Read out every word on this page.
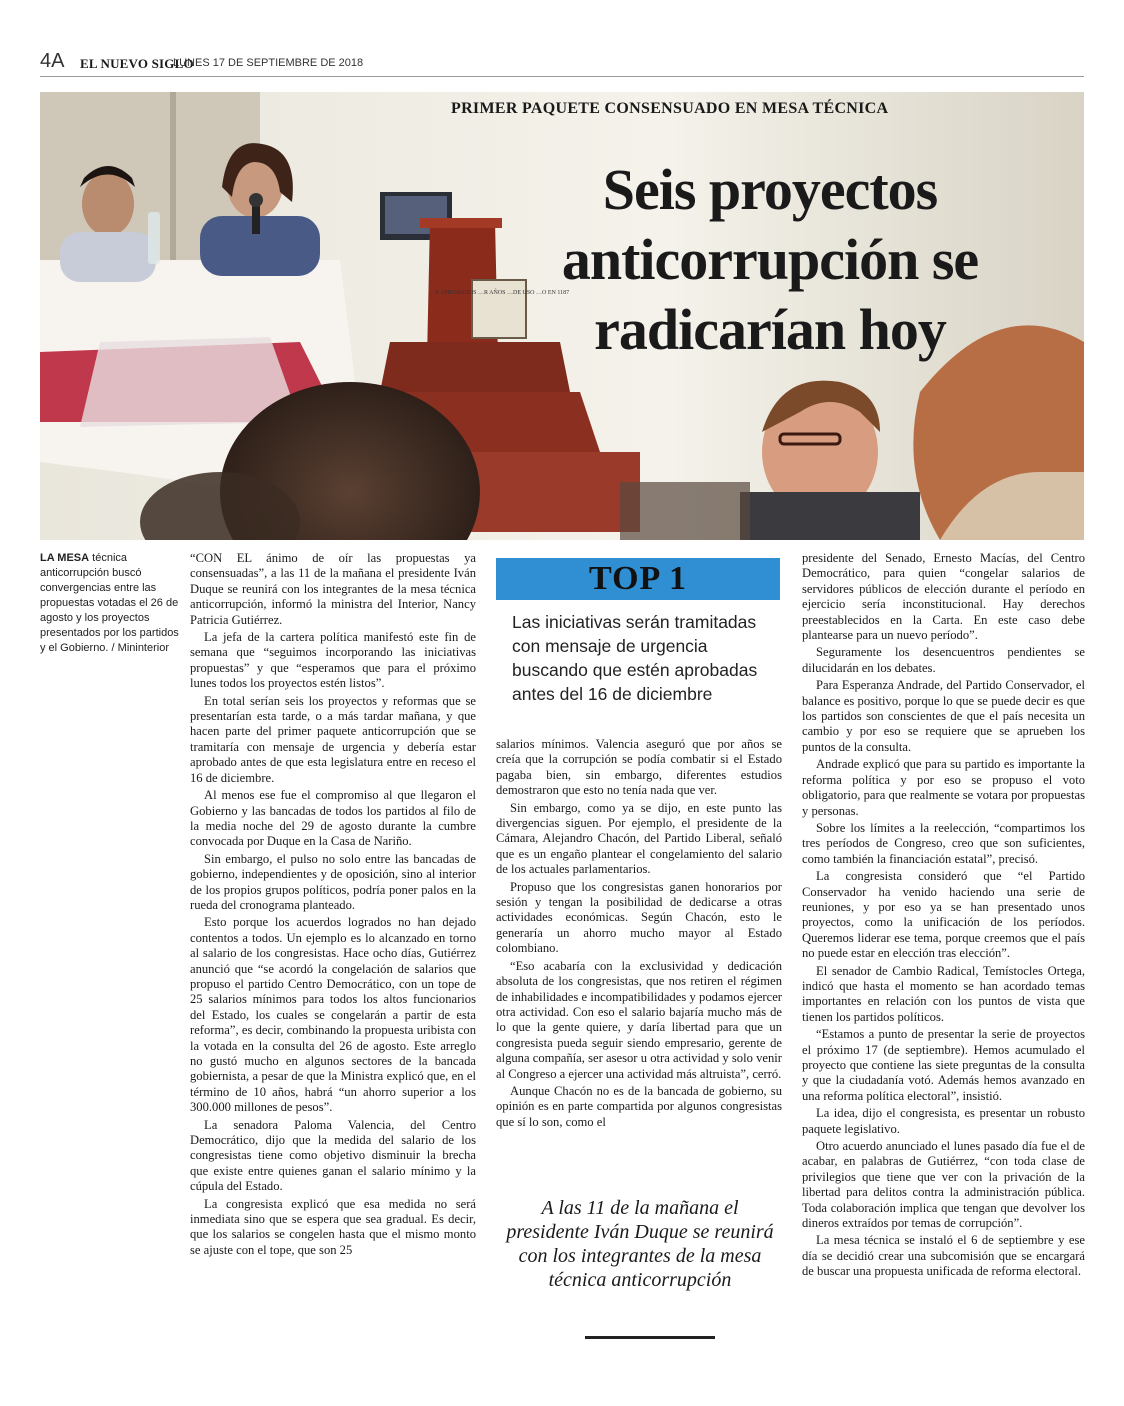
4A EL NUEVO SIGLO
LUNES 17 DE SEPTIEMBRE DE 2018
…Y APROBADOS …R AÑOS …DE USO …O EN 1187
PRIMER PAQUETE CONSENSUADO EN MESA TÉCNICA
Seis proyectos
anticorrupción se
radicarían hoy
LA MESA técnica anticorrupción buscó convergencias entre las propuestas votadas el 26 de agosto y los proyectos presentados por los partidos y el Gobierno. / Mininterior

“CON EL ánimo de oír las propuestas ya consensuadas”, a las 11 de la mañana el presidente Iván Duque se reunirá con los integrantes de la mesa técnica anticorrupción, informó la ministra del Interior, Nancy Patricia Gutiérrez.

La jefa de la cartera política manifestó este fin de semana que “seguimos incorporando las iniciativas propuestas” y que “esperamos que para el próximo lunes todos los proyectos estén listos”.

En total serían seis los proyectos y reformas que se presentarían esta tarde, o a más tardar mañana, y que hacen parte del primer paquete anticorrupción que se tramitaría con mensaje de urgencia y debería estar aprobado antes de que esta legislatura entre en receso el 16 de diciembre.

Al menos ese fue el compromiso al que llegaron el Gobierno y las bancadas de todos los partidos al filo de la media noche del 29 de agosto durante la cumbre convocada por Duque en la Casa de Nariño.

Sin embargo, el pulso no solo entre las bancadas de gobierno, independientes y de oposición, sino al interior de los propios grupos políticos, podría poner palos en la rueda del cronograma planteado.

Esto porque los acuerdos logrados no han dejado contentos a todos. Un ejemplo es lo alcanzado en torno al salario de los congresistas. Hace ocho días, Gutiérrez anunció que “se acordó la congelación de salarios que propuso el partido Centro Democrático, con un tope de 25 salarios mínimos para todos los altos funcionarios del Estado, los cuales se congelarán a partir de esta reforma”, es decir, combinando la propuesta uribista con la votada en la consulta del 26 de agosto. Este arreglo no gustó mucho en algunos sectores de la bancada gobiernista, a pesar de que la Ministra explicó que, en el término de 10 años, habrá “un ahorro superior a los 300.000 millones de pesos”.

La senadora Paloma Valencia, del Centro Democrático, dijo que la medida del salario de los congresistas tiene como objetivo disminuir la brecha que existe entre quienes ganan el salario mínimo y la cúpula del Estado.

La congresista explicó que esa medida no será inmediata sino que se espera que sea gradual. Es decir, que los salarios se congelen hasta que el mismo monto se ajuste con el tope, que son 25

TOP 1
Las iniciativas serán tramitadas con mensaje de urgencia buscando que estén aprobadas antes del 16 de diciembre

salarios mínimos. Valencia aseguró que por años se creía que la corrupción se podía combatir si el Estado pagaba bien, sin embargo, diferentes estudios demostraron que esto no tenía nada que ver.

Sin embargo, como ya se dijo, en este punto las divergencias siguen. Por ejemplo, el presidente de la Cámara, Alejandro Chacón, del Partido Liberal, señaló que es un engaño plantear el congelamiento del salario de los actuales parlamentarios.

Propuso que los congresistas ganen honorarios por sesión y tengan la posibilidad de dedicarse a otras actividades económicas. Según Chacón, esto le generaría un ahorro mucho mayor al Estado colombiano.

“Eso acabaría con la exclusividad y dedicación absoluta de los congresistas, que nos retiren el régimen de inhabilidades e incompatibilidades y podamos ejercer otra actividad. Con eso el salario bajaría mucho más de lo que la gente quiere, y daría libertad para que un congresista pueda seguir siendo empresario, gerente de alguna compañía, ser asesor u otra actividad y solo venir al Congreso a ejercer una actividad más altruista”, cerró.

Aunque Chacón no es de la bancada de gobierno, su opinión es en parte compartida por algunos congresistas que sí lo son, como el

A las 11 de la mañana el presidente Iván Duque se reunirá con los integrantes de la mesa técnica anticorrupción

presidente del Senado, Ernesto Macías, del Centro Democrático, para quien “congelar salarios de servidores públicos de elección durante el período en ejercicio sería inconstitucional. Hay derechos preestablecidos en la Carta. En este caso debe plantearse para un nuevo período”.

Seguramente los desencuentros pendientes se dilucidarán en los debates.

Para Esperanza Andrade, del Partido Conservador, el balance es positivo, porque lo que se puede decir es que los partidos son conscientes de que el país necesita un cambio y por eso se requiere que se aprueben los puntos de la consulta.

Andrade explicó que para su partido es importante la reforma política y por eso se propuso el voto obligatorio, para que realmente se votara por propuestas y personas.

Sobre los límites a la reelección, “compartimos los tres períodos de Congreso, creo que son suficientes, como también la financiación estatal”, precisó.

La congresista consideró que “el Partido Conservador ha venido haciendo una serie de reuniones, y por eso ya se han presentado unos proyectos, como la unificación de los períodos. Queremos liderar ese tema, porque creemos que el país no puede estar en elección tras elección”.

El senador de Cambio Radical, Temístocles Ortega, indicó que hasta el momento se han acordado temas importantes en relación con los puntos de vista que tienen los partidos políticos.

“Estamos a punto de presentar la serie de proyectos el próximo 17 (de septiembre). Hemos acumulado el proyecto que contiene las siete preguntas de la consulta y que la ciudadanía votó. Además hemos avanzado en una reforma política electoral”, insistió.

La idea, dijo el congresista, es presentar un robusto paquete legislativo.

Otro acuerdo anunciado el lunes pasado día fue el de acabar, en palabras de Gutiérrez, “con toda clase de privilegios que tiene que ver con la privación de la libertad para delitos contra la administración pública. Toda colaboración implica que tengan que devolver los dineros extraídos por temas de corrupción”.

La mesa técnica se instaló el 6 de septiembre y ese día se decidió crear una subcomisión que se encargará de buscar una propuesta unificada de reforma electoral.
